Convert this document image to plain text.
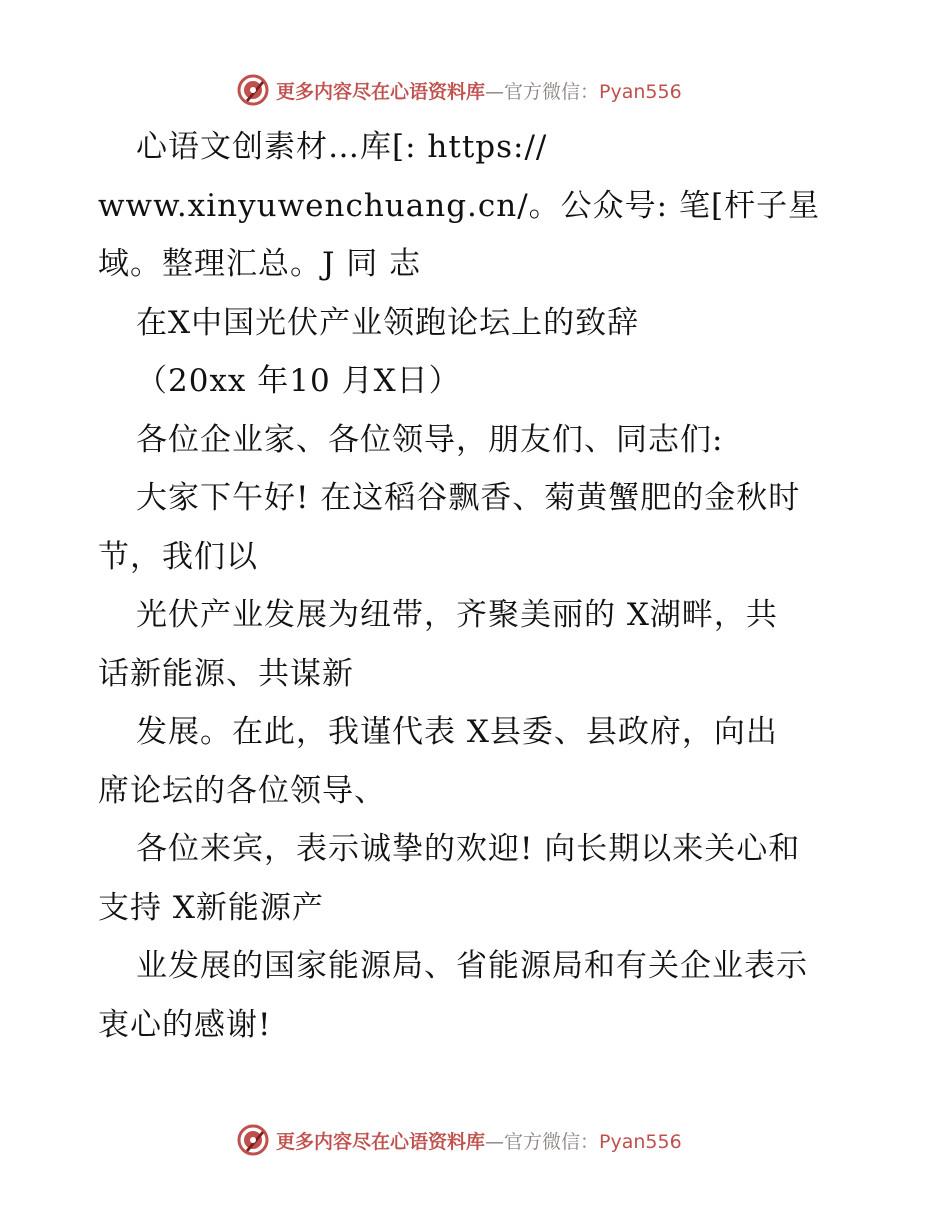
更多内容尽在心语资料库—官方微信：Pyan556
心语文创素材…库[: https://
www.xinyuwenchuang.cn/。公众号: 笔[杆子星
域。整理汇总。J 同 志
在X中国光伏产业领跑论坛上的致辞
（20xx 年10 月X日）
各位企业家、各位领导，朋友们、同志们:
大家下午好! 在这稻谷飘香、菊黄蟹肥的金秋时
节，我们以
光伏产业发展为纽带，齐聚美丽的 X湖畔，共
话新能源、共谋新
发展。在此，我谨代表 X县委、县政府，向出
席论坛的各位领导、
各位来宾，表示诚挚的欢迎! 向长期以来关心和
支持 X新能源产
业发展的国家能源局、省能源局和有关企业表示
衷心的感谢!
更多内容尽在心语资料库—官方微信：Pyan556
